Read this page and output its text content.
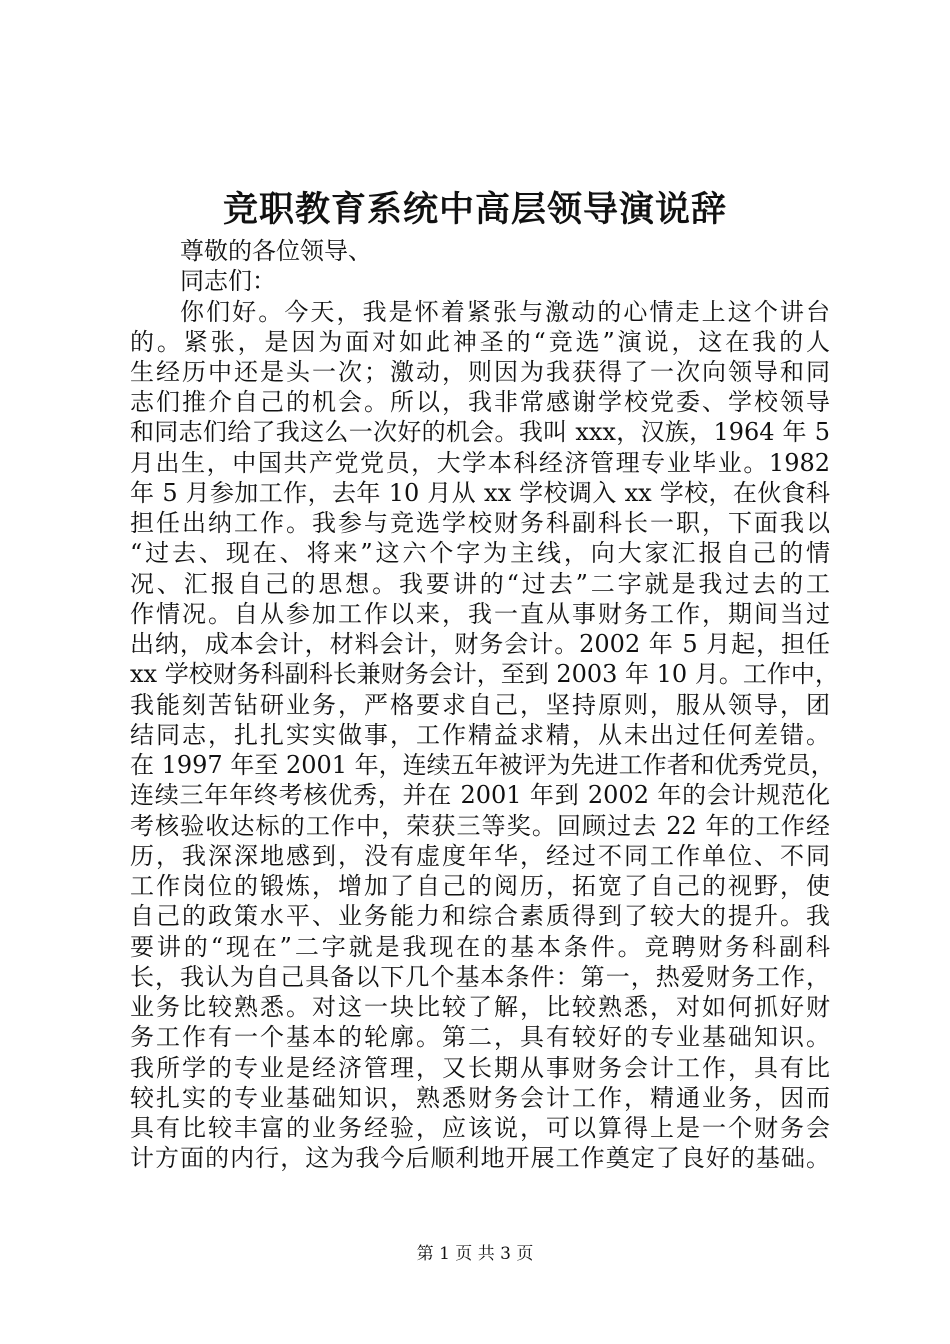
竞职教育系统中高层领导演说辞
尊敬的各位领导、
同志们：
你们好。今天，我是怀着紧张与激动的心情走上这个讲台
的。紧张，是因为面对如此神圣的“竞选”演说，这在我的人
生经历中还是头一次；激动，则因为我获得了一次向领导和同
志们推介自己的机会。所以，我非常感谢学校党委、学校领导
和同志们给了我这么一次好的机会。我叫 xxx，汉族，1964 年 5
月出生，中国共产党党员，大学本科经济管理专业毕业。1982
年 5 月参加工作，去年 10 月从 xx 学校调入 xx 学校，在伙食科
担任出纳工作。我参与竞选学校财务科副科长一职，下面我以
“过去、现在、将来”这六个字为主线，向大家汇报自己的情
况、汇报自己的思想。我要讲的“过去”二字就是我过去的工
作情况。自从参加工作以来，我一直从事财务工作，期间当过
出纳，成本会计，材料会计，财务会计。2002 年 5 月起，担任
xx 学校财务科副科长兼财务会计，至到 2003 年 10 月。工作中，
我能刻苦钻研业务，严格要求自己，坚持原则，服从领导，团
结同志，扎扎实实做事，工作精益求精，从未出过任何差错。
在 1997 年至 2001 年，连续五年被评为先进工作者和优秀党员，
连续三年年终考核优秀，并在 2001 年到 2002 年的会计规范化
考核验收达标的工作中，荣获三等奖。回顾过去 22 年的工作经
历，我深深地感到，没有虚度年华，经过不同工作单位、不同
工作岗位的锻炼，增加了自己的阅历，拓宽了自己的视野，使
自己的政策水平、业务能力和综合素质得到了较大的提升。我
要讲的“现在”二字就是我现在的基本条件。竞聘财务科副科
长，我认为自己具备以下几个基本条件：第一，热爱财务工作，
业务比较熟悉。对这一块比较了解，比较熟悉，对如何抓好财
务工作有一个基本的轮廓。第二，具有较好的专业基础知识。
我所学的专业是经济管理，又长期从事财务会计工作，具有比
较扎实的专业基础知识，熟悉财务会计工作，精通业务，因而
具有比较丰富的业务经验，应该说，可以算得上是一个财务会
计方面的内行，这为我今后顺利地开展工作奠定了良好的基础。
第 1 页 共 3 页
